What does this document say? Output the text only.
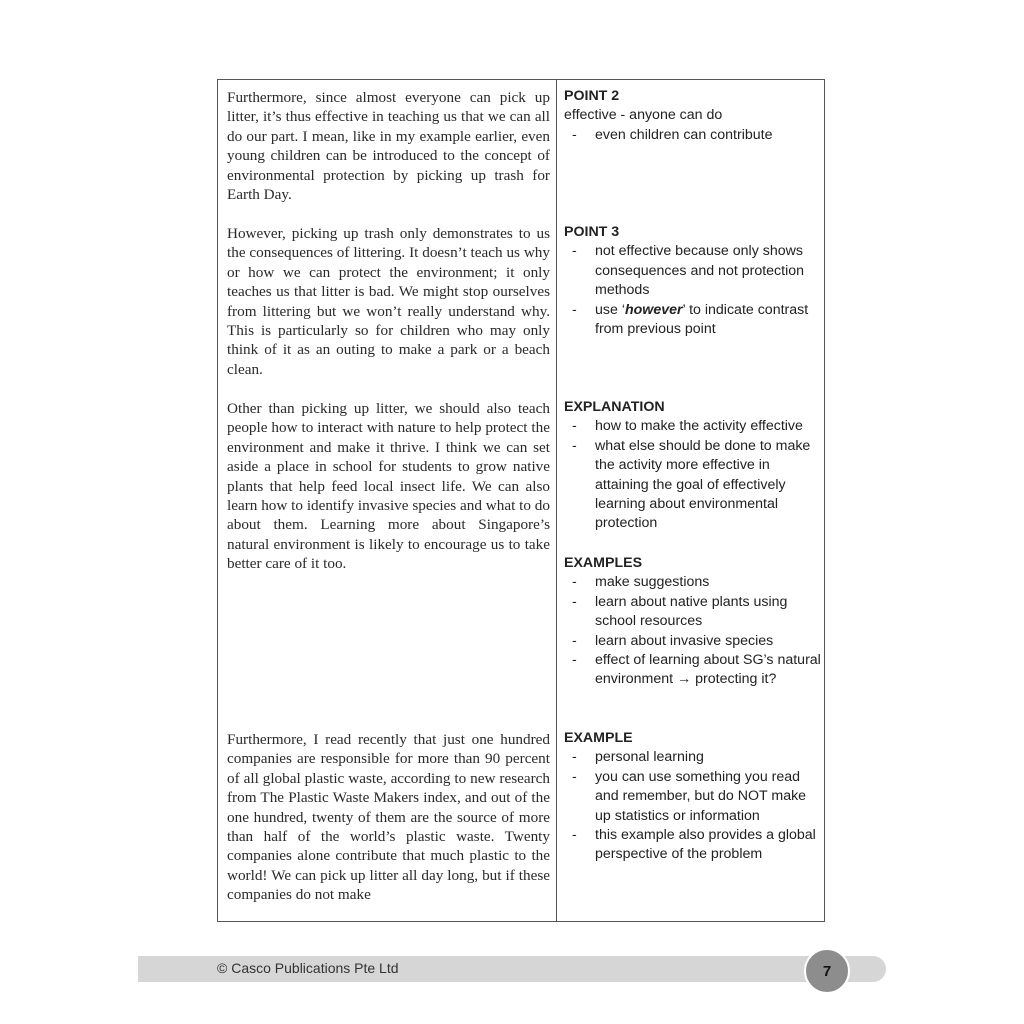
Furthermore, since almost everyone can pick up litter, it’s thus effective in teaching us that we can all do our part. I mean, like in my example earlier, even young children can be introduced to the concept of environmental protection by picking up trash for Earth Day.

However, picking up trash only demonstrates to us the consequences of littering. It doesn’t teach us why or how we can protect the environment; it only teaches us that litter is bad. We might stop ourselves from littering but we won’t really understand why. This is particularly so for children who may only think of it as an outing to make a park or a beach clean.

Other than picking up litter, we should also teach people how to interact with nature to help protect the environment and make it thrive. I think we can set aside a place in school for students to grow native plants that help feed local insect life. We can also learn how to identify invasive species and what to do about them. Learning more about Singapore’s natural environment is likely to encourage us to take better care of it too.

Furthermore, I read recently that just one hundred companies are responsible for more than 90 percent of all global plastic waste, according to new research from The Plastic Waste Makers index, and out of the one hundred, twenty of them are the source of more than half of the world’s plastic waste. Twenty companies alone contribute that much plastic to the world! We can pick up litter all day long, but if these companies do not make

POINT 2
effective - anyone can do
- even children can contribute
POINT 3
- not effective because only shows consequences and not protection methods
- use ‘however’ to indicate contrast from previous point
EXPLANATION
- how to make the activity effective
- what else should be done to make the activity more effective in attaining the goal of effectively learning about environmental protection
EXAMPLES
- make suggestions
- learn about native plants using school resources
- learn about invasive species
- effect of learning about SG’s natural environment → protecting it?
EXAMPLE
- personal learning
- you can use something you read and remember, but do NOT make up statistics or information
- this example also provides a global perspective of the problem
© Casco Publications Pte Ltd	7
